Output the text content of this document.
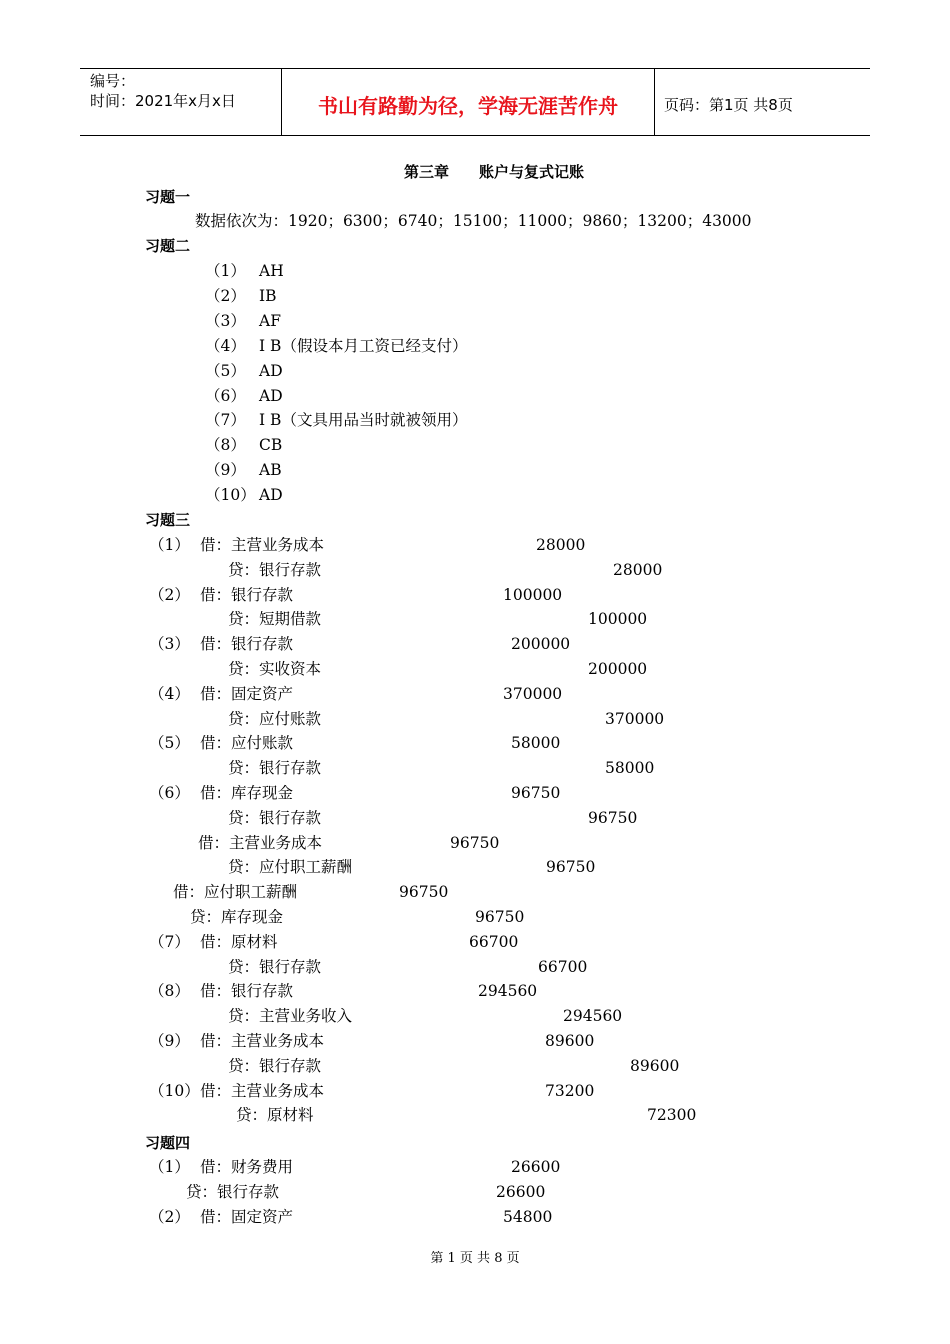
编号：
时间：2021年x月x日	书山有路勤为径，学海无涯苦作舟	页码：第1页 共8页
第三章　　账户与复式记账
习题一
数据依次为：1920；6300；6740；15100；11000；9860；13200；43000
习题二
（1） AH
（2） IB
（3） AF
（4） I B（假设本月工资已经支付）
（5） AD
（6） AD
（7） I B（文具用品当时就被领用）
（8） CB
（9） AB
（10） AD
习题三
（1） 借：主营业务成本	28000
贷：银行存款	28000
（2） 借：银行存款	100000
贷：短期借款	100000
（3） 借：银行存款	200000
贷：实收资本	200000
（4） 借：固定资产	370000
贷：应付账款	370000
（5） 借：应付账款	58000
贷：银行存款	58000
（6） 借：库存现金	96750
贷：银行存款	96750
借：主营业务成本	96750
贷：应付职工薪酬	96750
借：应付职工薪酬	96750
贷：库存现金	96750
（7） 借：原材料	66700
贷：银行存款	66700
（8） 借：银行存款	294560
贷：主营业务收入	294560
（9） 借：主营业务成本	89600
贷：银行存款	89600
（10） 借：主营业务成本	73200
贷：原材料	72300
习题四
（1） 借：财务费用	26600
贷：银行存款	26600
（2） 借：固定资产	54800
第 1 页 共 8 页
